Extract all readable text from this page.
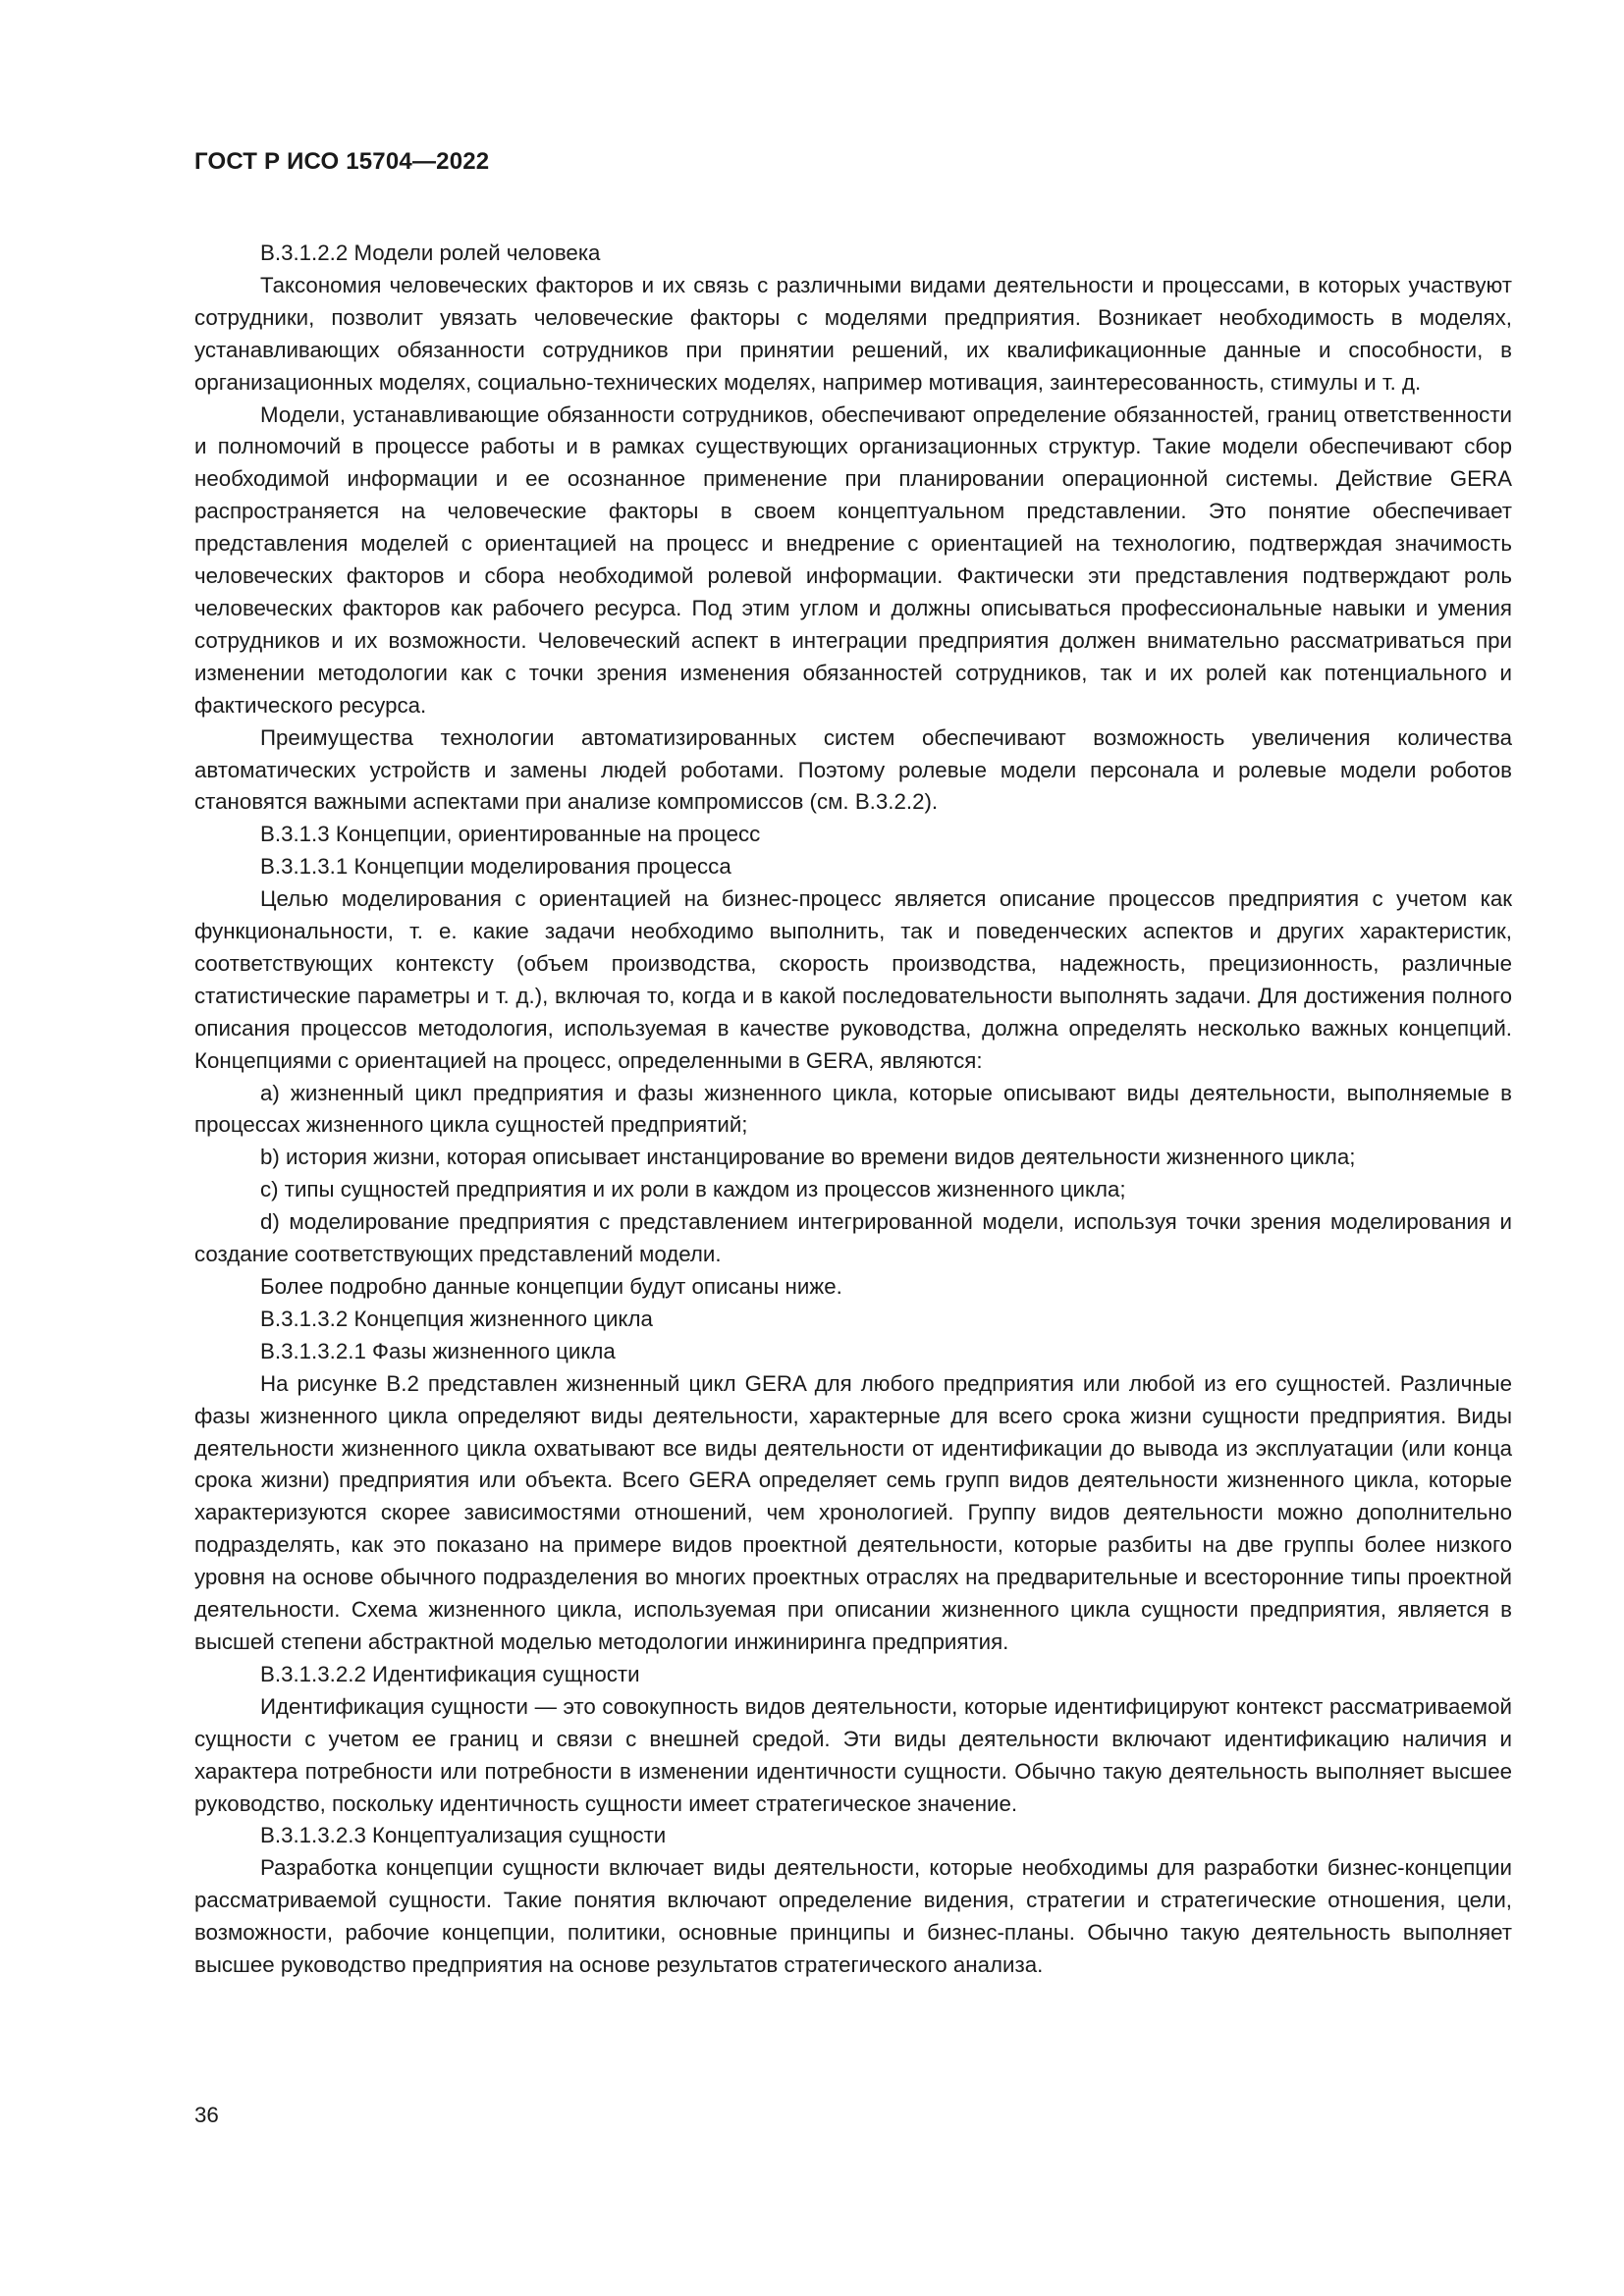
ГОСТ Р ИСО 15704—2022

B.3.1.2.2 Модели ролей человека

Таксономия человеческих факторов и их связь с различными видами деятельности и процессами, в которых участвуют сотрудники, позволит увязать человеческие факторы с моделями предприятия. Возникает необходимость в моделях, устанавливающих обязанности сотрудников при принятии решений, их квалификационные данные и способности, в организационных моделях, социально-технических моделях, например мотивация, заинтересованность, стимулы и т. д.

Модели, устанавливающие обязанности сотрудников, обеспечивают определение обязанностей, границ ответственности и полномочий в процессе работы и в рамках существующих организационных структур. Такие модели обеспечивают сбор необходимой информации и ее осознанное применение при планировании операционной системы. Действие GERA распространяется на человеческие факторы в своем концептуальном представлении. Это понятие обеспечивает представления моделей с ориентацией на процесс и внедрение с ориентацией на технологию, подтверждая значимость человеческих факторов и сбора необходимой ролевой информации. Фактически эти представления подтверждают роль человеческих факторов как рабочего ресурса. Под этим углом и должны описываться профессиональные навыки и умения сотрудников и их возможности. Человеческий аспект в интеграции предприятия должен внимательно рассматриваться при изменении методологии как с точки зрения изменения обязанностей сотрудников, так и их ролей как потенциального и фактического ресурса.

Преимущества технологии автоматизированных систем обеспечивают возможность увеличения количества автоматических устройств и замены людей роботами. Поэтому ролевые модели персонала и ролевые модели роботов становятся важными аспектами при анализе компромиссов (см. B.3.2.2).

B.3.1.3 Концепции, ориентированные на процесс

B.3.1.3.1 Концепции моделирования процесса

Целью моделирования с ориентацией на бизнес-процесс является описание процессов предприятия с учетом как функциональности, т. е. какие задачи необходимо выполнить, так и поведенческих аспектов и других характеристик, соответствующих контексту (объем производства, скорость производства, надежность, прецизионность, различные статистические параметры и т. д.), включая то, когда и в какой последовательности выполнять задачи. Для достижения полного описания процессов методология, используемая в качестве руководства, должна определять несколько важных концепций. Концепциями с ориентацией на процесс, определенными в GERA, являются:

a) жизненный цикл предприятия и фазы жизненного цикла, которые описывают виды деятельности, выполняемые в процессах жизненного цикла сущностей предприятий;

b) история жизни, которая описывает инстанцирование во времени видов деятельности жизненного цикла;

c) типы сущностей предприятия и их роли в каждом из процессов жизненного цикла;

d) моделирование предприятия с представлением интегрированной модели, используя точки зрения моделирования и создание соответствующих представлений модели.

Более подробно данные концепции будут описаны ниже.

B.3.1.3.2 Концепция жизненного цикла

B.3.1.3.2.1 Фазы жизненного цикла

На рисунке B.2 представлен жизненный цикл GERA для любого предприятия или любой из его сущностей. Различные фазы жизненного цикла определяют виды деятельности, характерные для всего срока жизни сущности предприятия. Виды деятельности жизненного цикла охватывают все виды деятельности от идентификации до вывода из эксплуатации (или конца срока жизни) предприятия или объекта. Всего GERA определяет семь групп видов деятельности жизненного цикла, которые характеризуются скорее зависимостями отношений, чем хронологией. Группу видов деятельности можно дополнительно подразделять, как это показано на примере видов проектной деятельности, которые разбиты на две группы более низкого уровня на основе обычного подразделения во многих проектных отраслях на предварительные и всесторонние типы проектной деятельности. Схема жизненного цикла, используемая при описании жизненного цикла сущности предприятия, является в высшей степени абстрактной моделью методологии инжиниринга предприятия.

B.3.1.3.2.2 Идентификация сущности

Идентификация сущности — это совокупность видов деятельности, которые идентифицируют контекст рассматриваемой сущности с учетом ее границ и связи с внешней средой. Эти виды деятельности включают идентификацию наличия и характера потребности или потребности в изменении идентичности сущности. Обычно такую деятельность выполняет высшее руководство, поскольку идентичность сущности имеет стратегическое значение.

B.3.1.3.2.3 Концептуализация сущности

Разработка концепции сущности включает виды деятельности, которые необходимы для разработки бизнес-концепции рассматриваемой сущности. Такие понятия включают определение видения, стратегии и стратегические отношения, цели, возможности, рабочие концепции, политики, основные принципы и бизнес-планы. Обычно такую деятельность выполняет высшее руководство предприятия на основе результатов стратегического анализа.

36
